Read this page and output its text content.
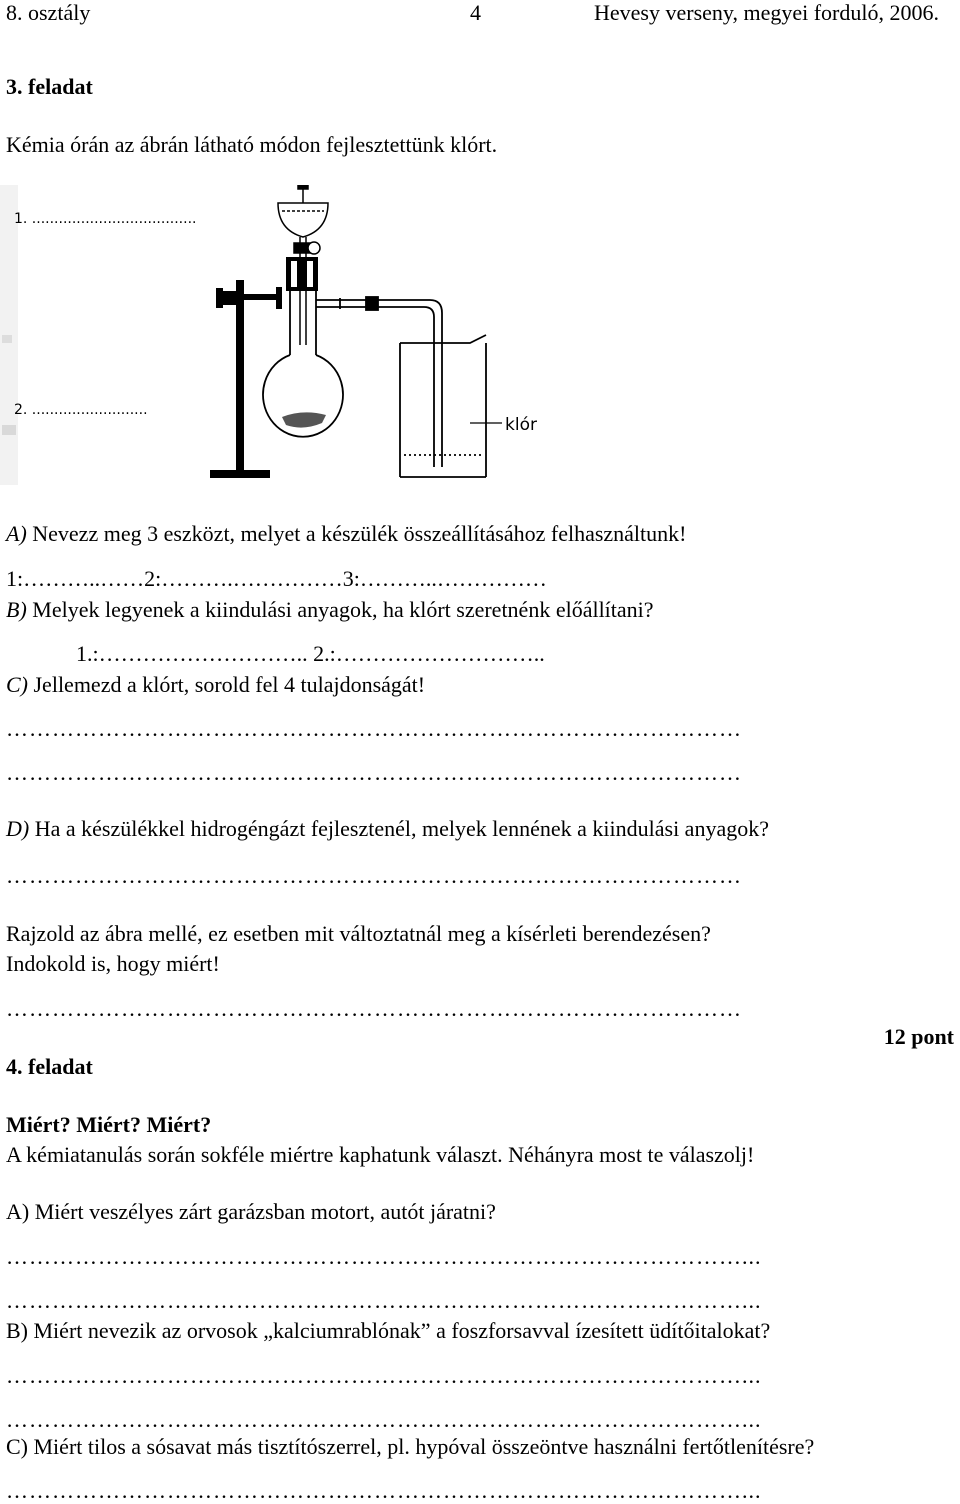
8. osztály	4	Hevesy verseny, megyei forduló, 2006.
3. feladat
Kémia órán az ábrán látható módon fejlesztettünk klórt.
1. .....................................
2. ..........................
klór
A) Nevezz meg 3 eszközt, melyet a készülék összeállításához felhasználtunk!
1:………..……2:……….……………3:………..……………
B) Melyek legyenek a kiindulási anyagok, ha klórt szeretnénk előállítani?
1.:……………………….. 2.:………………………..
C) Jellemezd a klórt, sorold fel 4 tulajdonságát!
……………………………………………………………………………………
……………………………………………………………………………………
D) Ha a készülékkel hidrogéngázt fejlesztenél, melyek lennének a kiindulási anyagok?
……………………………………………………………………………………
Rajzold az ábra mellé, ez esetben mit változtatnál meg a kísérleti berendezésen?
Indokold is, hogy miért!
……………………………………………………………………………………
12 pont
4. feladat
Miért? Miért? Miért?
A kémiatanulás során sokféle miértre kaphatunk választ. Néhányra most te válaszolj!
A) Miért veszélyes zárt garázsban motort, autót járatni?
……………………………………………………………………………………...
……………………………………………………………………………………...
B) Miért nevezik az orvosok „kalciumrablónak” a foszforsavval ízesített üdítőitalokat?
……………………………………………………………………………………...
……………………………………………………………………………………...
C) Miért tilos a sósavat más tisztítószerrel, pl. hypóval összeöntve használni fertőtlenítésre?
……………………………………………………………………………………...
